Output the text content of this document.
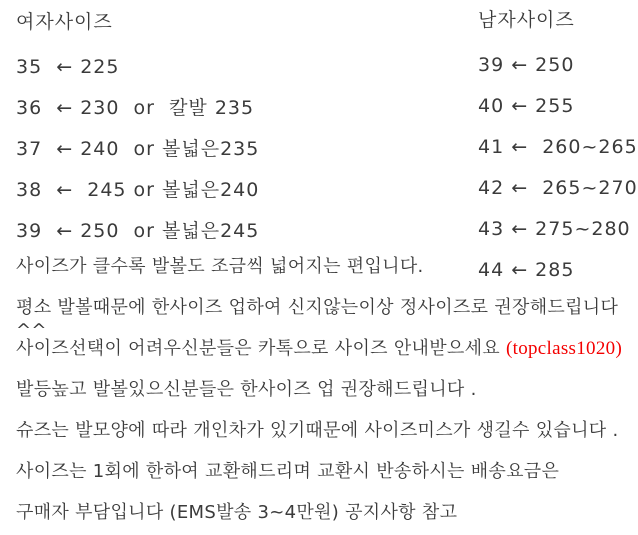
여자사이즈
35  ← 225
36  ← 230  or  칼발 235
37  ← 240  or 볼넓은235
38  ←  245 or 볼넓은240
39  ← 250  or 볼넓은245
남자사이즈
39 ← 250
40 ← 255
41 ←  260~265
42 ←  265~270
43 ← 275~280
44 ← 285
사이즈가 클수록 발볼도 조금씩 넓어지는 편입니다.
평소 발볼때문에 한사이즈 업하여 신지않는이상 정사이즈로 권장해드립니다^^
사이즈선택이 어려우신분들은 카톡으로 사이즈 안내받으세요 (topclass1020)
발등높고 발볼있으신분들은 한사이즈 업 권장해드립니다 .
슈즈는 발모양에 따라 개인차가 있기때문에 사이즈미스가 생길수 있습니다 .
사이즈는 1회에 한하여 교환해드리며 교환시 반송하시는 배송요금은
구매자 부담입니다 (EMS발송 3~4만원) 공지사항 참고
